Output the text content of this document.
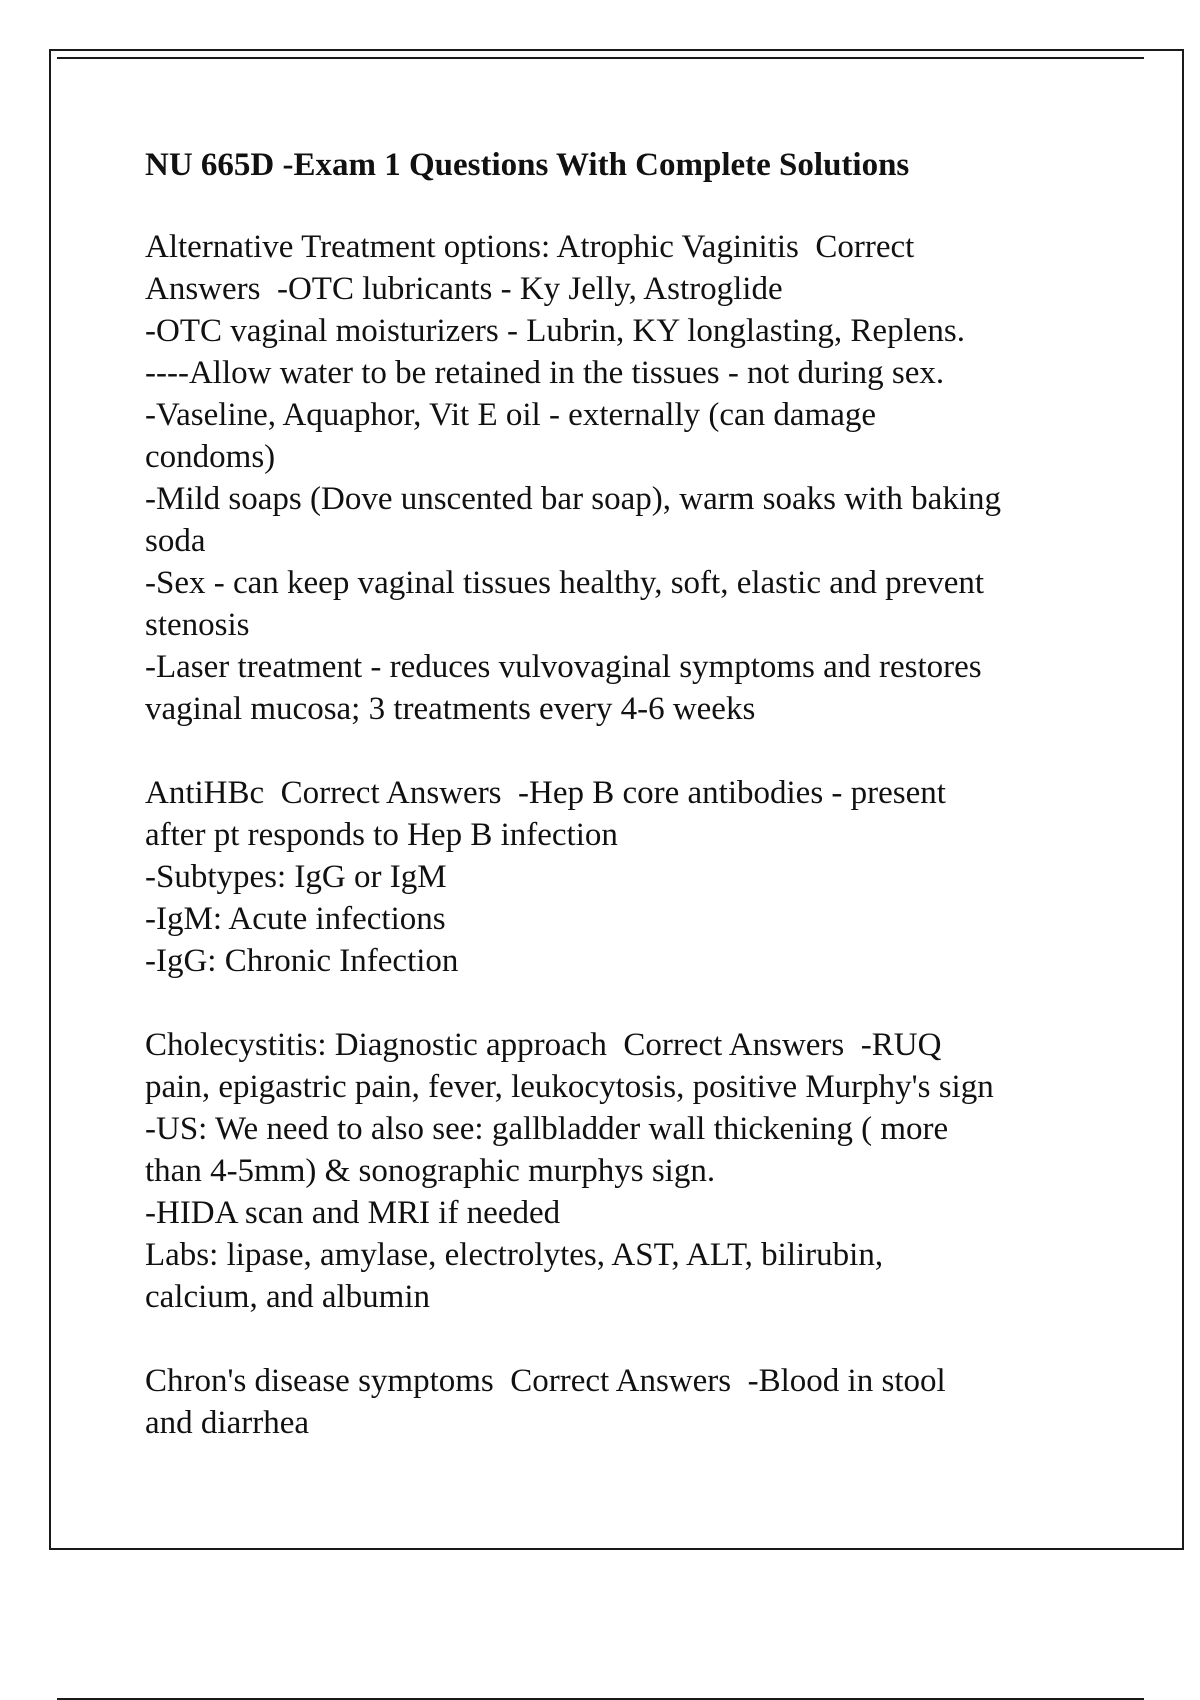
NU 665D -Exam 1 Questions With Complete Solutions

Alternative Treatment options: Atrophic Vaginitis  Correct

Answers  -OTC lubricants - Ky Jelly, Astroglide

-OTC vaginal moisturizers - Lubrin, KY longlasting, Replens.

----Allow water to be retained in the tissues - not during sex.

-Vaseline, Aquaphor, Vit E oil - externally (can damage

condoms)

-Mild soaps (Dove unscented bar soap), warm soaks with baking

soda

-Sex - can keep vaginal tissues healthy, soft, elastic and prevent

stenosis

-Laser treatment - reduces vulvovaginal symptoms and restores

vaginal mucosa; 3 treatments every 4-6 weeks

AntiHBc  Correct Answers  -Hep B core antibodies - present

after pt responds to Hep B infection

-Subtypes: IgG or IgM

-IgM: Acute infections

-IgG: Chronic Infection

Cholecystitis: Diagnostic approach  Correct Answers  -RUQ

pain, epigastric pain, fever, leukocytosis, positive Murphy's sign

-US: We need to also see: gallbladder wall thickening ( more

than 4-5mm) & sonographic murphys sign.

-HIDA scan and MRI if needed

Labs: lipase, amylase, electrolytes, AST, ALT, bilirubin,

calcium, and albumin

Chron's disease symptoms  Correct Answers  -Blood in stool

and diarrhea
